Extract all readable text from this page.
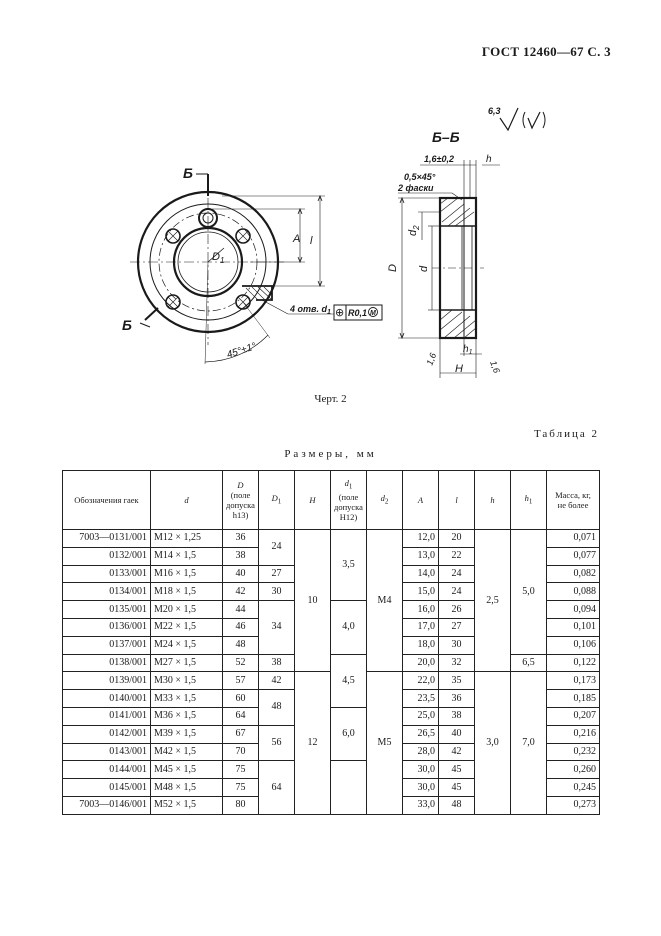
ГОСТ 12460—67 С. 3
6,3
Б–Б
Б
Б
1,6±0,2	h
0,5×45°
2 фаски
A l
$D_1$
D d
$d_2$
45°±1°
4 отв. $d_1$ ⊕ R0,1 M
$h_1$
H
1,6
1,6
Черт. 2
Таблица 2
Размеры, мм
Обозначения гаек	d	D
(поле допуска h13)	$D_1$	H	$d_1$
(поле допуска H12)	$d_2$	A	l	h	$h_1$	Масса, кг, не более
7003—0131/001	М12 × 1,25	36	24	10	3,5	М4	12,0	20	2,5	5,0	0,071
0132/001	М14 × 1,5	38					13,0	22			0,077
0133/001	М16 × 1,5	40	27				14,0	24			0,082
0134/001	М18 × 1,5	42	30				15,0	24			0,088
0135/001	М20 × 1,5	44	34		4,0		16,0	26			0,094
0136/001	М22 × 1,5	46					17,0	27			0,101
0137/001	М24 × 1,5	48					18,0	30			0,106
0138/001	М27 × 1,5	52	38		4,5		20,0	32		6,5	0,122
0139/001	М30 × 1,5	57	42	12		М5	22,0	35	3,0	7,0	0,173
0140/001	М33 × 1,5	60	48				23,5	36			0,185
0141/001	М36 × 1,5	64			6,0		25,0	38			0,207
0142/001	М39 × 1,5	67	56				26,5	40			0,216
0143/001	М42 × 1,5	70					28,0	42			0,232
0144/001	М45 × 1,5	75	64				30,0	45			0,260
0145/001	М48 × 1,5	75					30,0	45			0,245
7003—0146/001	М52 × 1,5	80					33,0	48			0,273
